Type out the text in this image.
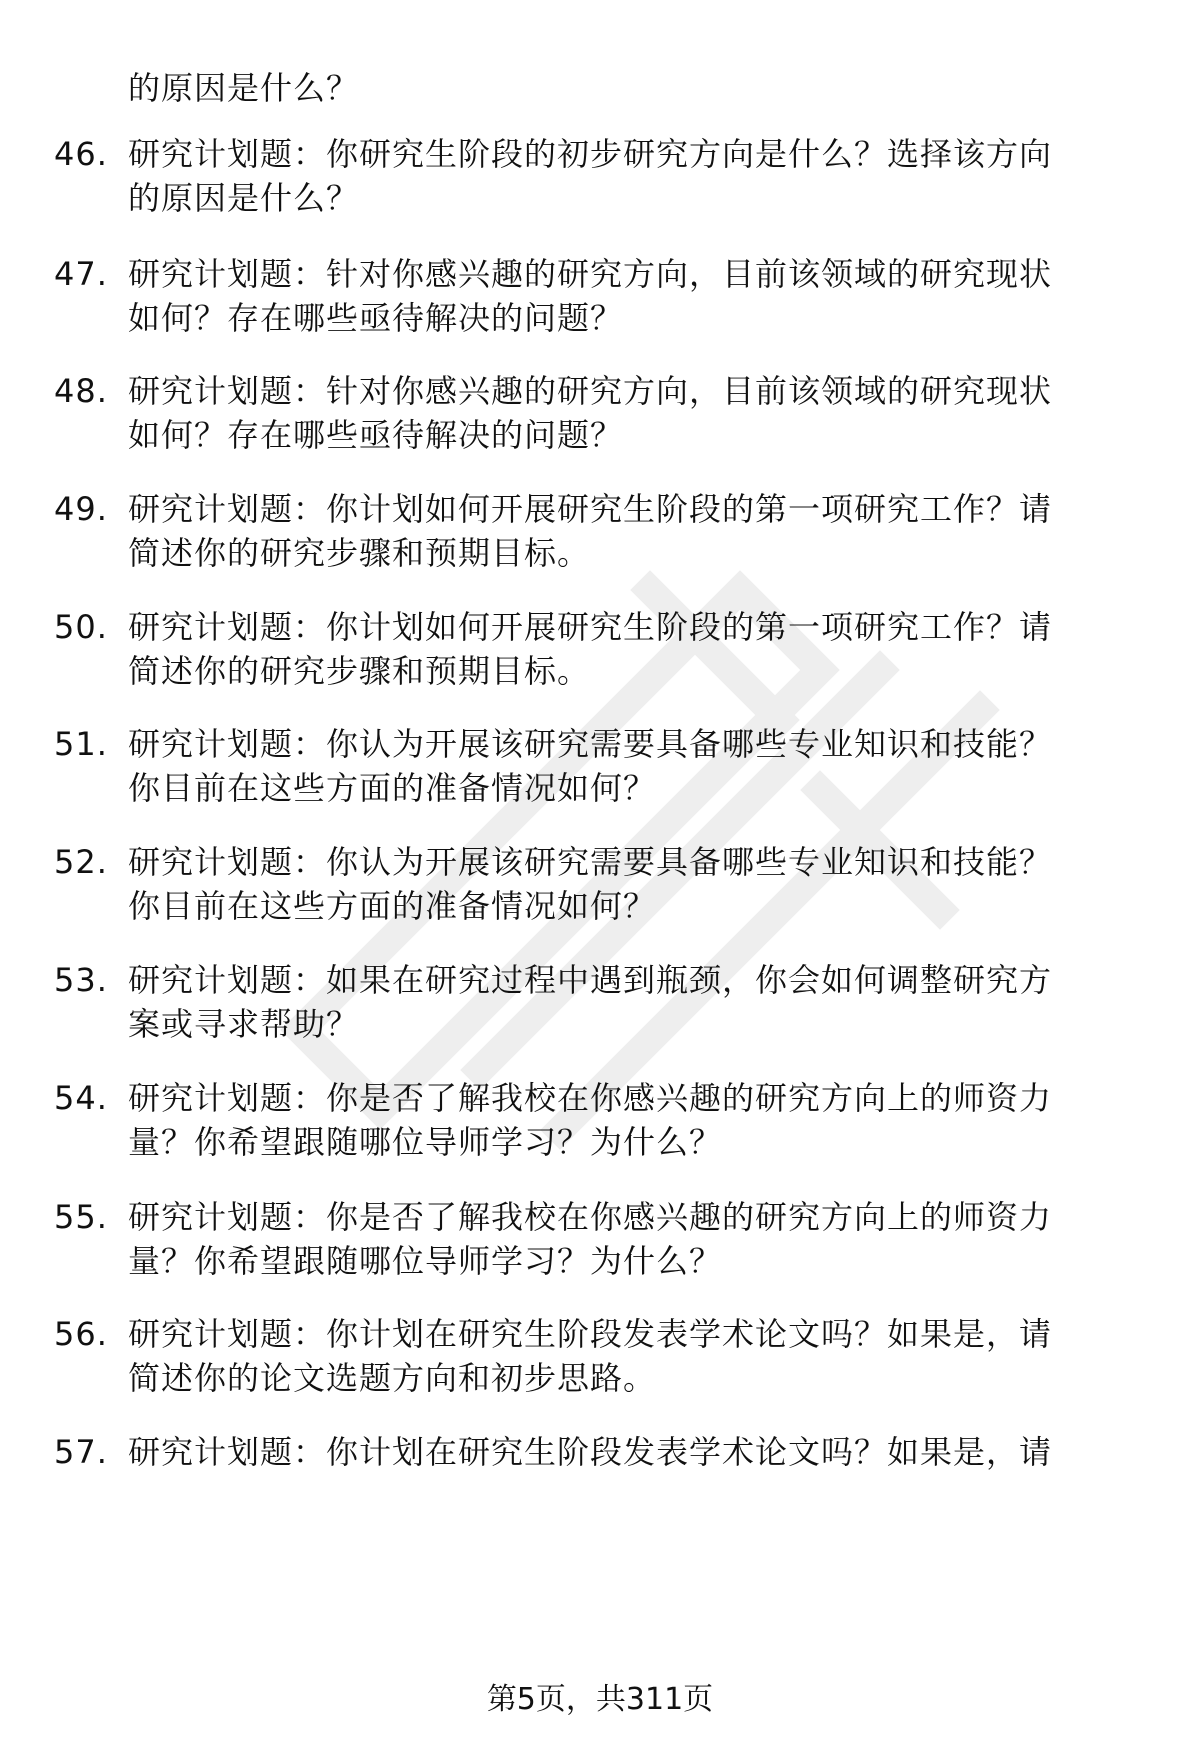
的原因是什么？
46. 研究计划题：你研究生阶段的初步研究方向是什么？选择该方向
的原因是什么？
47. 研究计划题：针对你感兴趣的研究方向，目前该领域的研究现状
如何？存在哪些亟待解决的问题？
48. 研究计划题：针对你感兴趣的研究方向，目前该领域的研究现状
如何？存在哪些亟待解决的问题？
49. 研究计划题：你计划如何开展研究生阶段的第一项研究工作？请
简述你的研究步骤和预期目标。
50. 研究计划题：你计划如何开展研究生阶段的第一项研究工作？请
简述你的研究步骤和预期目标。
51. 研究计划题：你认为开展该研究需要具备哪些专业知识和技能？
你目前在这些方面的准备情况如何？
52. 研究计划题：你认为开展该研究需要具备哪些专业知识和技能？
你目前在这些方面的准备情况如何？
53. 研究计划题：如果在研究过程中遇到瓶颈，你会如何调整研究方
案或寻求帮助？
54. 研究计划题：你是否了解我校在你感兴趣的研究方向上的师资力
量？你希望跟随哪位导师学习？为什么？
55. 研究计划题：你是否了解我校在你感兴趣的研究方向上的师资力
量？你希望跟随哪位导师学习？为什么？
56. 研究计划题：你计划在研究生阶段发表学术论文吗？如果是，请
简述你的论文选题方向和初步思路。
57. 研究计划题：你计划在研究生阶段发表学术论文吗？如果是，请
第5页，共311页
